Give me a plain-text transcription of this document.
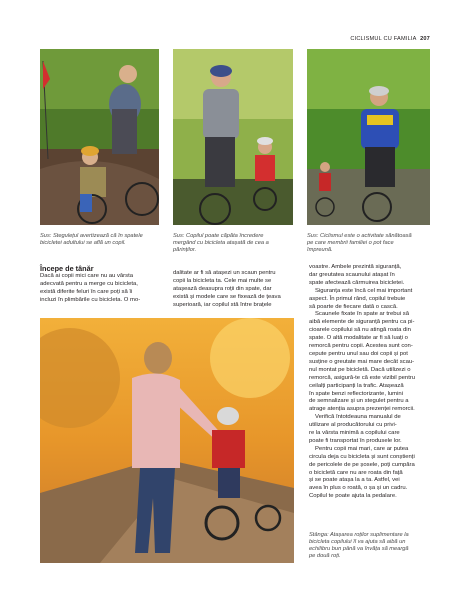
CICLISMUL CU FAMILIA 207
Sus: Stegulețul avertizează că în spatele
bicicletei adultului se află un copil.
Sus: Copilul poate căpăta încredere
mergând cu bicicleta atașată de cea a
părinților.
Sus: Ciclismul este o activitate sănătoasă
pe care membrii familiei o pot face
împreună.
Începe de tânăr
Dacă ai copii mici care nu au vârsta
adecvată pentru a merge cu bicicleta,
există diferite feluri în care poți să îi
incluzi în plimbările cu bicicleta. O mo-
dalitate ar fi să atașezi un scaun pentru
copii la bicicleta ta. Cele mai multe se
atașează deasupra roții din spate, dar
există și modele care se fixează de țeava
superioară, iar copilul stă între brațele
voastre. Ambele prezintă siguranță,
dar greutatea scaunului atașat în
spate afectează cârmuirea bicicletei.
Siguranța este încă cel mai important
aspect. În primul rând, copilul trebuie
să poarte de fiecare dată o cască.
Scaunele fixate în spate ar trebui să
aibă elemente de siguranță pentru ca pi-
cioarele copilului să nu atingă roata din
spate. O altă modalitate ar fi să luați o
remorcă pentru copii. Acestea sunt con-
cepute pentru unul sau doi copii și pot
susține o greutate mai mare decât scau-
nul montat pe bicicletă. Dacă utilizezi o
remorcă, asigură-te că este vizibil pentru
ceilalți participanți la trafic. Atașează
în spate benzi reflectorizante, lumini
de semnalizare și un stegulet pentru a
atrage atenția asupra prezenței remorcii.
Verifică întotdeauna manualul de
utilizare al producătorului cu privi-
re la vârsta minimă a copilului care
poate fi transportat în produsele lor.
Pentru copii mai mari, care ar putea
circula deja cu bicicleta și sunt conștienți
de pericolele de pe șosele, poți cumpăra
o bicicletă care nu are roata din față
și se poate atașa la a ta. Astfel, vei
avea în plus o roată, o șa și un cadru.
Copilul te poate ajuta la pedalare.
Stânga: Atașarea roților suplimentare la
bicicleta copilului îl va ajuta să aibă un
echilibru bun până va învăța să meargă
pe două roți.
